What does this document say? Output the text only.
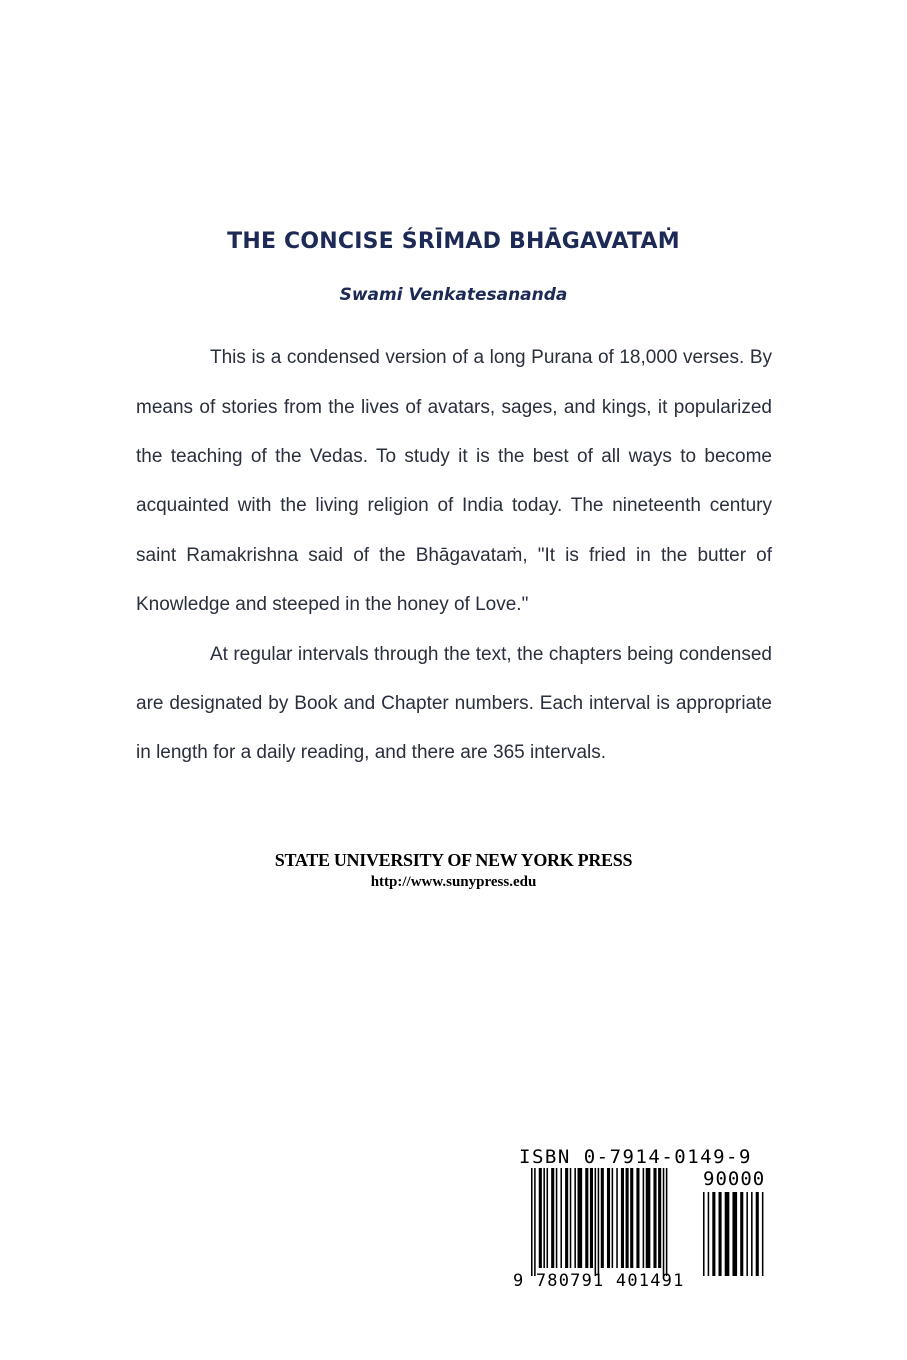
THE CONCISE ŚRĪMAD BHĀGAVATAṀ
Swami Venkatesananda
This is a condensed version of a long Purana of 18,000 verses. By
means of stories from the lives of avatars, sages, and kings, it popularized
the teaching of the Vedas. To study it is the best of all ways to become
acquainted with the living religion of India today. The nineteenth century
saint Ramakrishna said of the Bhāgavataṁ, "It is fried in the butter of
Knowledge and steeped in the honey of Love."
At regular intervals through the text, the chapters being condensed
are designated by Book and Chapter numbers. Each interval is appropriate
in length for a daily reading, and there are 365 intervals.
STATE UNIVERSITY OF NEW YORK PRESS
http://www.sunypress.edu
ISBN 0-7914-0149-9
90000
9 780791 401491
